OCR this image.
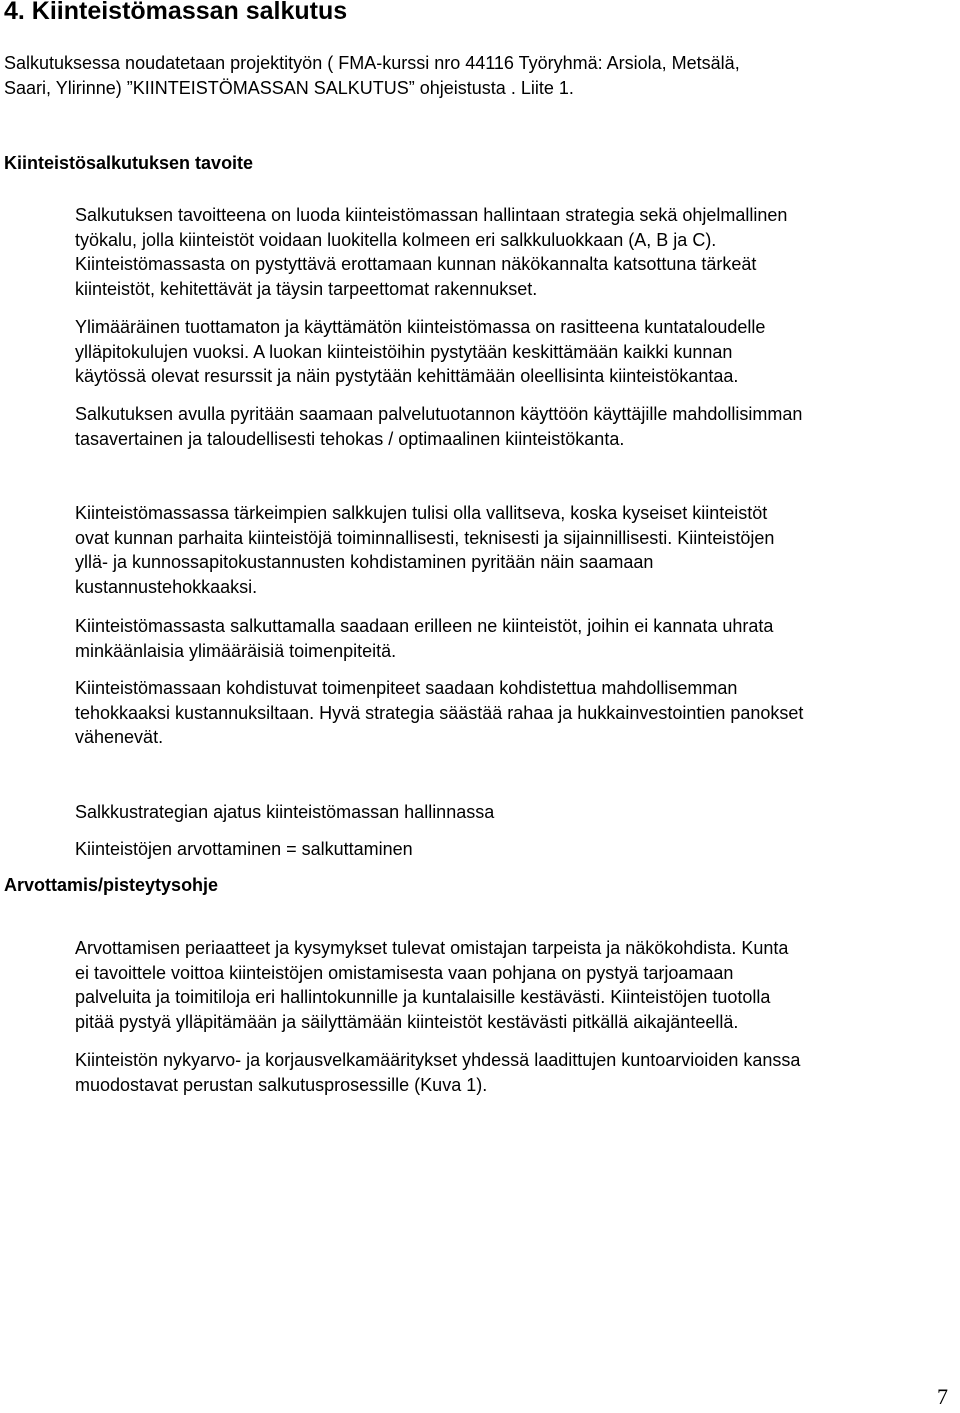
4. Kiinteistömassan salkutus

Salkutuksessa noudatetaan projektityön ( FMA-kurssi nro 44116 Työryhmä: Arsiola, Metsälä,
Saari, Ylirinne) ”KIINTEISTÖMASSAN SALKUTUS” ohjeistusta . Liite 1.

Kiinteistösalkutuksen tavoite

Salkutuksen tavoitteena on luoda kiinteistömassan hallintaan strategia sekä ohjelmallinen
työkalu, jolla kiinteistöt voidaan luokitella kolmeen eri salkkuluokkaan (A, B ja C).
Kiinteistömassasta on pystyttävä erottamaan kunnan näkökannalta katsottuna tärkeät
kiinteistöt, kehitettävät ja täysin tarpeettomat rakennukset.

Ylimääräinen tuottamaton ja käyttämätön kiinteistömassa on rasitteena kuntataloudelle
ylläpitokulujen vuoksi. A luokan kiinteistöihin pystytään keskittämään kaikki kunnan
käytössä olevat resurssit ja näin pystytään kehittämään oleellisinta kiinteistökantaa.

Salkutuksen avulla pyritään saamaan palvelutuotannon käyttöön käyttäjille mahdollisimman
tasavertainen ja taloudellisesti tehokas / optimaalinen kiinteistökanta.

Kiinteistömassassa tärkeimpien salkkujen tulisi olla vallitseva, koska kyseiset kiinteistöt
ovat kunnan parhaita kiinteistöjä toiminnallisesti, teknisesti ja sijainnillisesti. Kiinteistöjen
yllä- ja kunnossapitokustannusten kohdistaminen pyritään näin saamaan
kustannustehokkaaksi.

Kiinteistömassasta salkuttamalla saadaan erilleen ne kiinteistöt, joihin ei kannata uhrata
minkäänlaisia ylimääräisiä toimenpiteitä.

Kiinteistömassaan kohdistuvat toimenpiteet saadaan kohdistettua mahdollisemman
tehokkaaksi kustannuksiltaan. Hyvä strategia säästää rahaa ja hukkainvestointien panokset
vähenevät.

Salkkustrategian ajatus kiinteistömassan hallinnassa

Kiinteistöjen arvottaminen = salkuttaminen

Arvottamis/pisteytysohje

Arvottamisen periaatteet ja kysymykset tulevat omistajan tarpeista ja näkökohdista. Kunta
ei tavoittele voittoa kiinteistöjen omistamisesta vaan pohjana on pystyä tarjoamaan
palveluita ja toimitiloja eri hallintokunnille ja kuntalaisille kestävästi. Kiinteistöjen tuotolla
pitää pystyä ylläpitämään ja säilyttämään kiinteistöt kestävästi pitkällä aikajänteellä.

Kiinteistön nykyarvo- ja korjausvelkamääritykset yhdessä laadittujen kuntoarvioiden kanssa
muodostavat perustan salkutusprosessille (Kuva 1).

7
